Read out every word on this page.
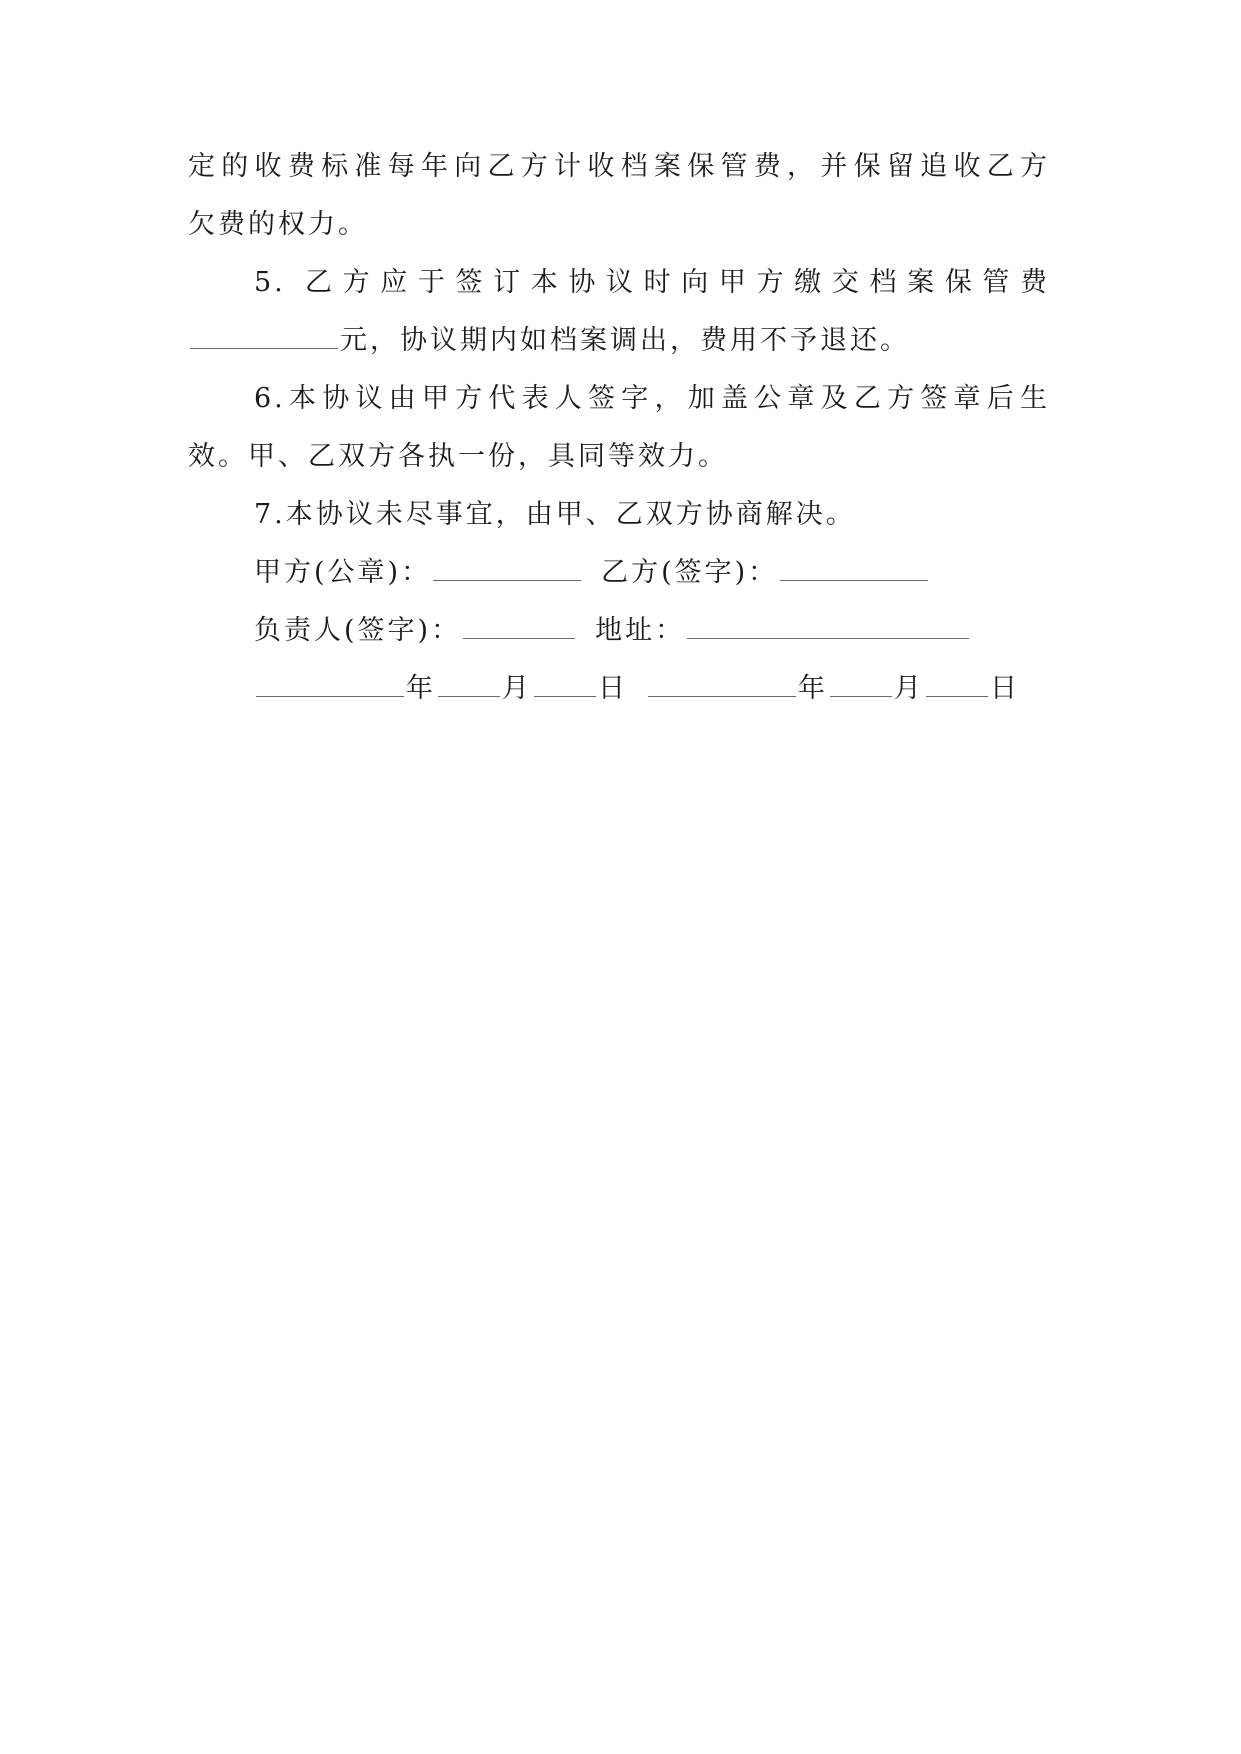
定的收费标准每年向乙方计收档案保管费，并保留追收乙方
欠费的权力。
5. 乙方应于签订本协议时向甲方缴交档案保管费
元，协议期内如档案调出，费用不予退还。
6.本协议由甲方代表人签字，加盖公章及乙方签章后生
效。甲、乙双方各执一份，具同等效力。
7.本协议未尽事宜，由甲、乙双方协商解决。
甲方(公章)：	乙方(签字)：
负责人(签字)：	地址：
年 月 日	年 月 日
